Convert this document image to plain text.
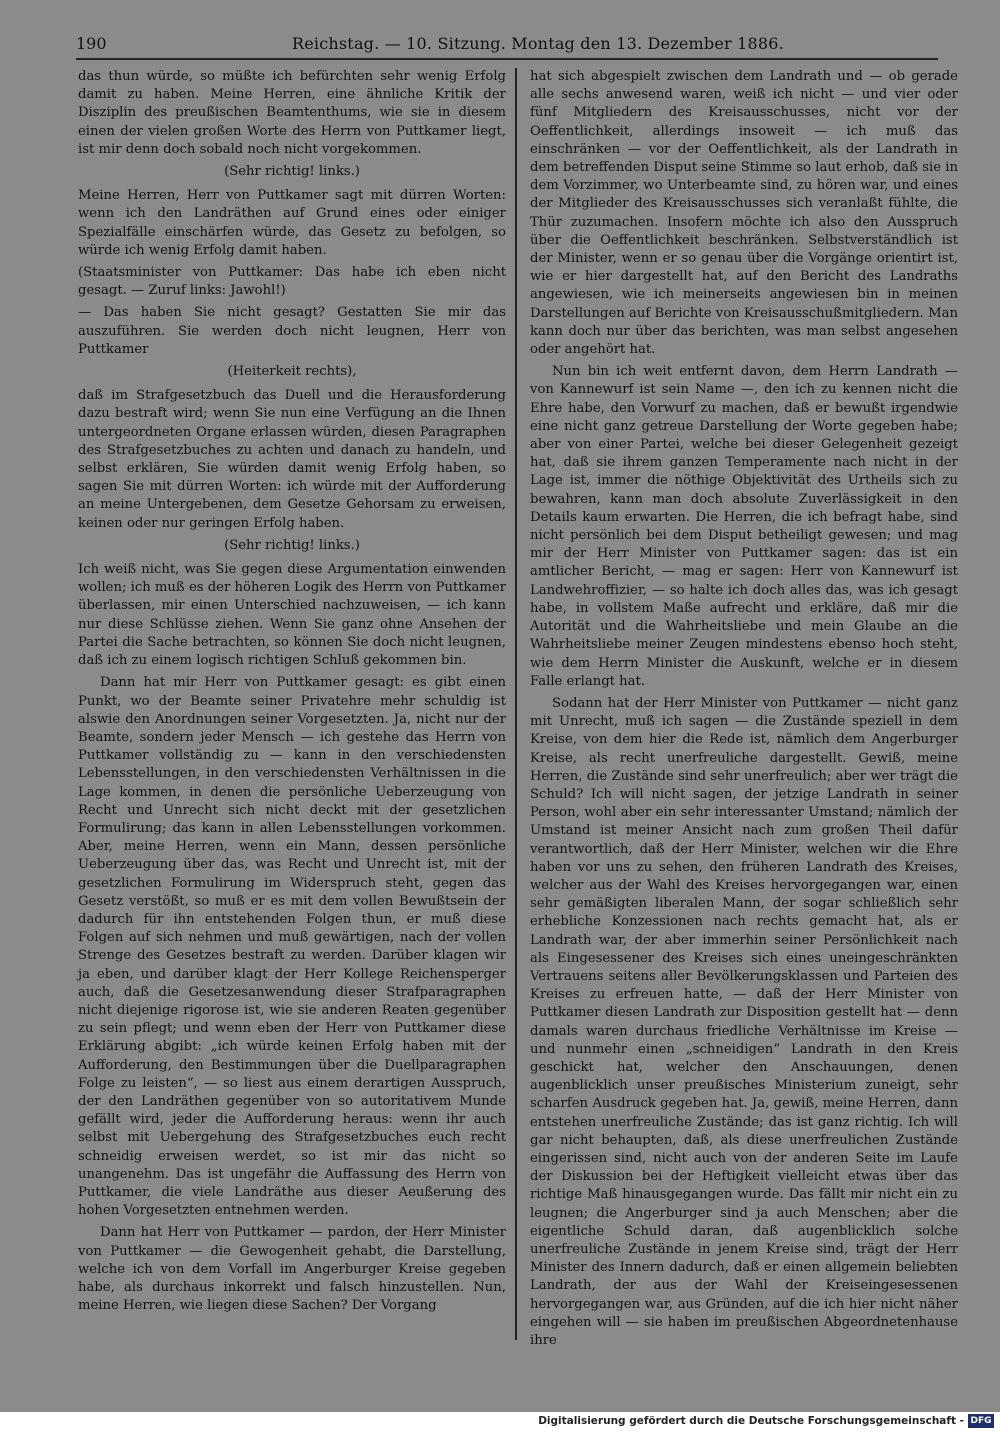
190	Reichstag. — 10. Sitzung. Montag den 13. Dezember 1886.

das thun würde, so müßte ich befürchten sehr wenig Erfolg damit zu haben. Meine Herren, eine ähnliche Kritik der Disziplin des preußischen Beamtenthums, wie sie in diesem einen der vielen großen Worte des Herrn von Puttkamer liegt, ist mir denn doch sobald noch nicht vorgekommen.

(Sehr richtig! links.)

Meine Herren, Herr von Puttkamer sagt mit dürren Worten: wenn ich den Landräthen auf Grund eines oder einiger Spezialfälle einschärfen würde, das Gesetz zu befolgen, so würde ich wenig Erfolg damit haben.

(Staatsminister von Puttkamer: Das habe ich eben nicht gesagt. — Zuruf links: Jawohl!)

— Das haben Sie nicht gesagt? Gestatten Sie mir das auszuführen. Sie werden doch nicht leugnen, Herr von Puttkamer

(Heiterkeit rechts),

daß im Strafgesetzbuch das Duell und die Herausforderung dazu bestraft wird; wenn Sie nun eine Verfügung an die Ihnen untergeordneten Organe erlassen würden, diesen Paragraphen des Strafgesetzbuches zu achten und danach zu handeln, und selbst erklären, Sie würden damit wenig Erfolg haben, so sagen Sie mit dürren Worten: ich würde mit der Aufforderung an meine Untergebenen, dem Gesetze Gehorsam zu erweisen, keinen oder nur geringen Erfolg haben.

(Sehr richtig! links.)

Ich weiß nicht, was Sie gegen diese Argumentation einwenden wollen; ich muß es der höheren Logik des Herrn von Puttkamer überlassen, mir einen Unterschied nachzuweisen, — ich kann nur diese Schlüsse ziehen. Wenn Sie ganz ohne Ansehen der Partei die Sache betrachten, so können Sie doch nicht leugnen, daß ich zu einem logisch richtigen Schluß gekommen bin.

Dann hat mir Herr von Puttkamer gesagt: es gibt einen Punkt, wo der Beamte seiner Privatehre mehr schuldig ist alswie den Anordnungen seiner Vorgesetzten. Ja, nicht nur der Beamte, sondern jeder Mensch — ich gestehe das Herrn von Puttkamer vollständig zu — kann in den verschiedensten Lebensstellungen, in den verschiedensten Verhältnissen in die Lage kommen, in denen die persönliche Ueberzeugung von Recht und Unrecht sich nicht deckt mit der gesetzlichen Formulirung; das kann in allen Lebensstellungen vorkommen. Aber, meine Herren, wenn ein Mann, dessen persönliche Ueberzeugung über das, was Recht und Unrecht ist, mit der gesetzlichen Formulirung im Widerspruch steht, gegen das Gesetz verstößt, so muß er es mit dem vollen Bewußtsein der dadurch für ihn entstehenden Folgen thun, er muß diese Folgen auf sich nehmen und muß gewärtigen, nach der vollen Strenge des Gesetzes bestraft zu werden. Darüber klagen wir ja eben, und darüber klagt der Herr Kollege Reichensperger auch, daß die Gesetzesanwendung dieser Strafparagraphen nicht diejenige rigorose ist, wie sie anderen Reaten gegenüber zu sein pflegt; und wenn eben der Herr von Puttkamer diese Erklärung abgibt: „ich würde keinen Erfolg haben mit der Aufforderung, den Bestimmungen über die Duellparagraphen Folge zu leisten“, — so liest aus einem derartigen Ausspruch, der den Landräthen gegenüber von so autoritativem Munde gefällt wird, jeder die Aufforderung heraus: wenn ihr auch selbst mit Uebergehung des Strafgesetzbuches euch recht schneidig erweisen werdet, so ist mir das nicht so unangenehm. Das ist ungefähr die Auffassung des Herrn von Puttkamer, die viele Landräthe aus dieser Aeußerung des hohen Vorgesetzten entnehmen werden.

Dann hat Herr von Puttkamer — pardon, der Herr Minister von Puttkamer — die Gewogenheit gehabt, die Darstellung, welche ich von dem Vorfall im Angerburger Kreise gegeben habe, als durchaus inkorrekt und falsch hinzustellen. Nun, meine Herren, wie liegen diese Sachen? Der Vorgang

hat sich abgespielt zwischen dem Landrath und — ob gerade alle sechs anwesend waren, weiß ich nicht — und vier oder fünf Mitgliedern des Kreisausschusses, nicht vor der Oeffentlichkeit, allerdings insoweit — ich muß das einschränken — vor der Oeffentlichkeit, als der Landrath in dem betreffenden Disput seine Stimme so laut erhob, daß sie in dem Vorzimmer, wo Unterbeamte sind, zu hören war, und eines der Mitglieder des Kreisausschusses sich veranlaßt fühlte, die Thür zuzumachen. Insofern möchte ich also den Ausspruch über die Oeffentlichkeit beschränken. Selbstverständlich ist der Minister, wenn er so genau über die Vorgänge orientirt ist, wie er hier dargestellt hat, auf den Bericht des Landraths angewiesen, wie ich meinerseits angewiesen bin in meinen Darstellungen auf Berichte von Kreisausschußmitgliedern. Man kann doch nur über das berichten, was man selbst angesehen oder angehört hat.

Nun bin ich weit entfernt davon, dem Herrn Landrath — von Kannewurf ist sein Name —, den ich zu kennen nicht die Ehre habe, den Vorwurf zu machen, daß er bewußt irgendwie eine nicht ganz getreue Darstellung der Worte gegeben habe; aber von einer Partei, welche bei dieser Gelegenheit gezeigt hat, daß sie ihrem ganzen Temperamente nach nicht in der Lage ist, immer die nöthige Objektivität des Urtheils sich zu bewahren, kann man doch absolute Zuverlässigkeit in den Details kaum erwarten. Die Herren, die ich befragt habe, sind nicht persönlich bei dem Disput betheiligt gewesen; und mag mir der Herr Minister von Puttkamer sagen: das ist ein amtlicher Bericht, — mag er sagen: Herr von Kannewurf ist Landwehroffizier, — so halte ich doch alles das, was ich gesagt habe, in vollstem Maße aufrecht und erkläre, daß mir die Autorität und die Wahrheitsliebe und mein Glaube an die Wahrheitsliebe meiner Zeugen mindestens ebenso hoch steht, wie dem Herrn Minister die Auskunft, welche er in diesem Falle erlangt hat.

Sodann hat der Herr Minister von Puttkamer — nicht ganz mit Unrecht, muß ich sagen — die Zustände speziell in dem Kreise, von dem hier die Rede ist, nämlich dem Angerburger Kreise, als recht unerfreuliche dargestellt. Gewiß, meine Herren, die Zustände sind sehr unerfreulich; aber wer trägt die Schuld? Ich will nicht sagen, der jetzige Landrath in seiner Person, wohl aber ein sehr interessanter Umstand; nämlich der Umstand ist meiner Ansicht nach zum großen Theil dafür verantwortlich, daß der Herr Minister, welchen wir die Ehre haben vor uns zu sehen, den früheren Landrath des Kreises, welcher aus der Wahl des Kreises hervorgegangen war, einen sehr gemäßigten liberalen Mann, der sogar schließlich sehr erhebliche Konzessionen nach rechts gemacht hat, als er Landrath war, der aber immerhin seiner Persönlichkeit nach als Eingesessener des Kreises sich eines uneingeschränkten Vertrauens seitens aller Bevölkerungsklassen und Parteien des Kreises zu erfreuen hatte, — daß der Herr Minister von Puttkamer diesen Landrath zur Disposition gestellt hat — denn damals waren durchaus friedliche Verhältnisse im Kreise — und nunmehr einen „schneidigen“ Landrath in den Kreis geschickt hat, welcher den Anschauungen, denen augenblicklich unser preußisches Ministerium zuneigt, sehr scharfen Ausdruck gegeben hat. Ja, gewiß, meine Herren, dann entstehen unerfreuliche Zustände; das ist ganz richtig. Ich will gar nicht behaupten, daß, als diese unerfreulichen Zustände eingerissen sind, nicht auch von der anderen Seite im Laufe der Diskussion bei der Heftigkeit vielleicht etwas über das richtige Maß hinausgegangen wurde. Das fällt mir nicht ein zu leugnen; die Angerburger sind ja auch Menschen; aber die eigentliche Schuld daran, daß augenblicklich solche unerfreuliche Zustände in jenem Kreise sind, trägt der Herr Minister des Innern dadurch, daß er einen allgemein beliebten Landrath, der aus der Wahl der Kreiseingesessenen hervorgegangen war, aus Gründen, auf die ich hier nicht näher eingehen will — sie haben im preußischen Abgeordnetenhause ihre

Digitalisierung gefördert durch die Deutsche Forschungsgemeinschaft - DFG
